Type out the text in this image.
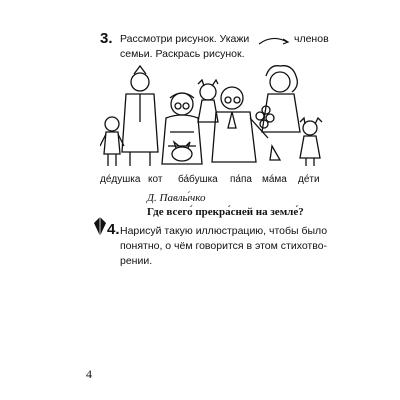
3. Рассмотри рисунок. Укажи	членов
семьи. Раскрась рисунок.
де́душка кот ба́бушка па́па ма́ма де́ти
Д. Павлы́чко
Где всего́ прекра́сней на земле́?
4. Нарисуй такую иллюстрацию, чтобы было
понятно, о чём говорится в этом стихотво-
рении.
4
